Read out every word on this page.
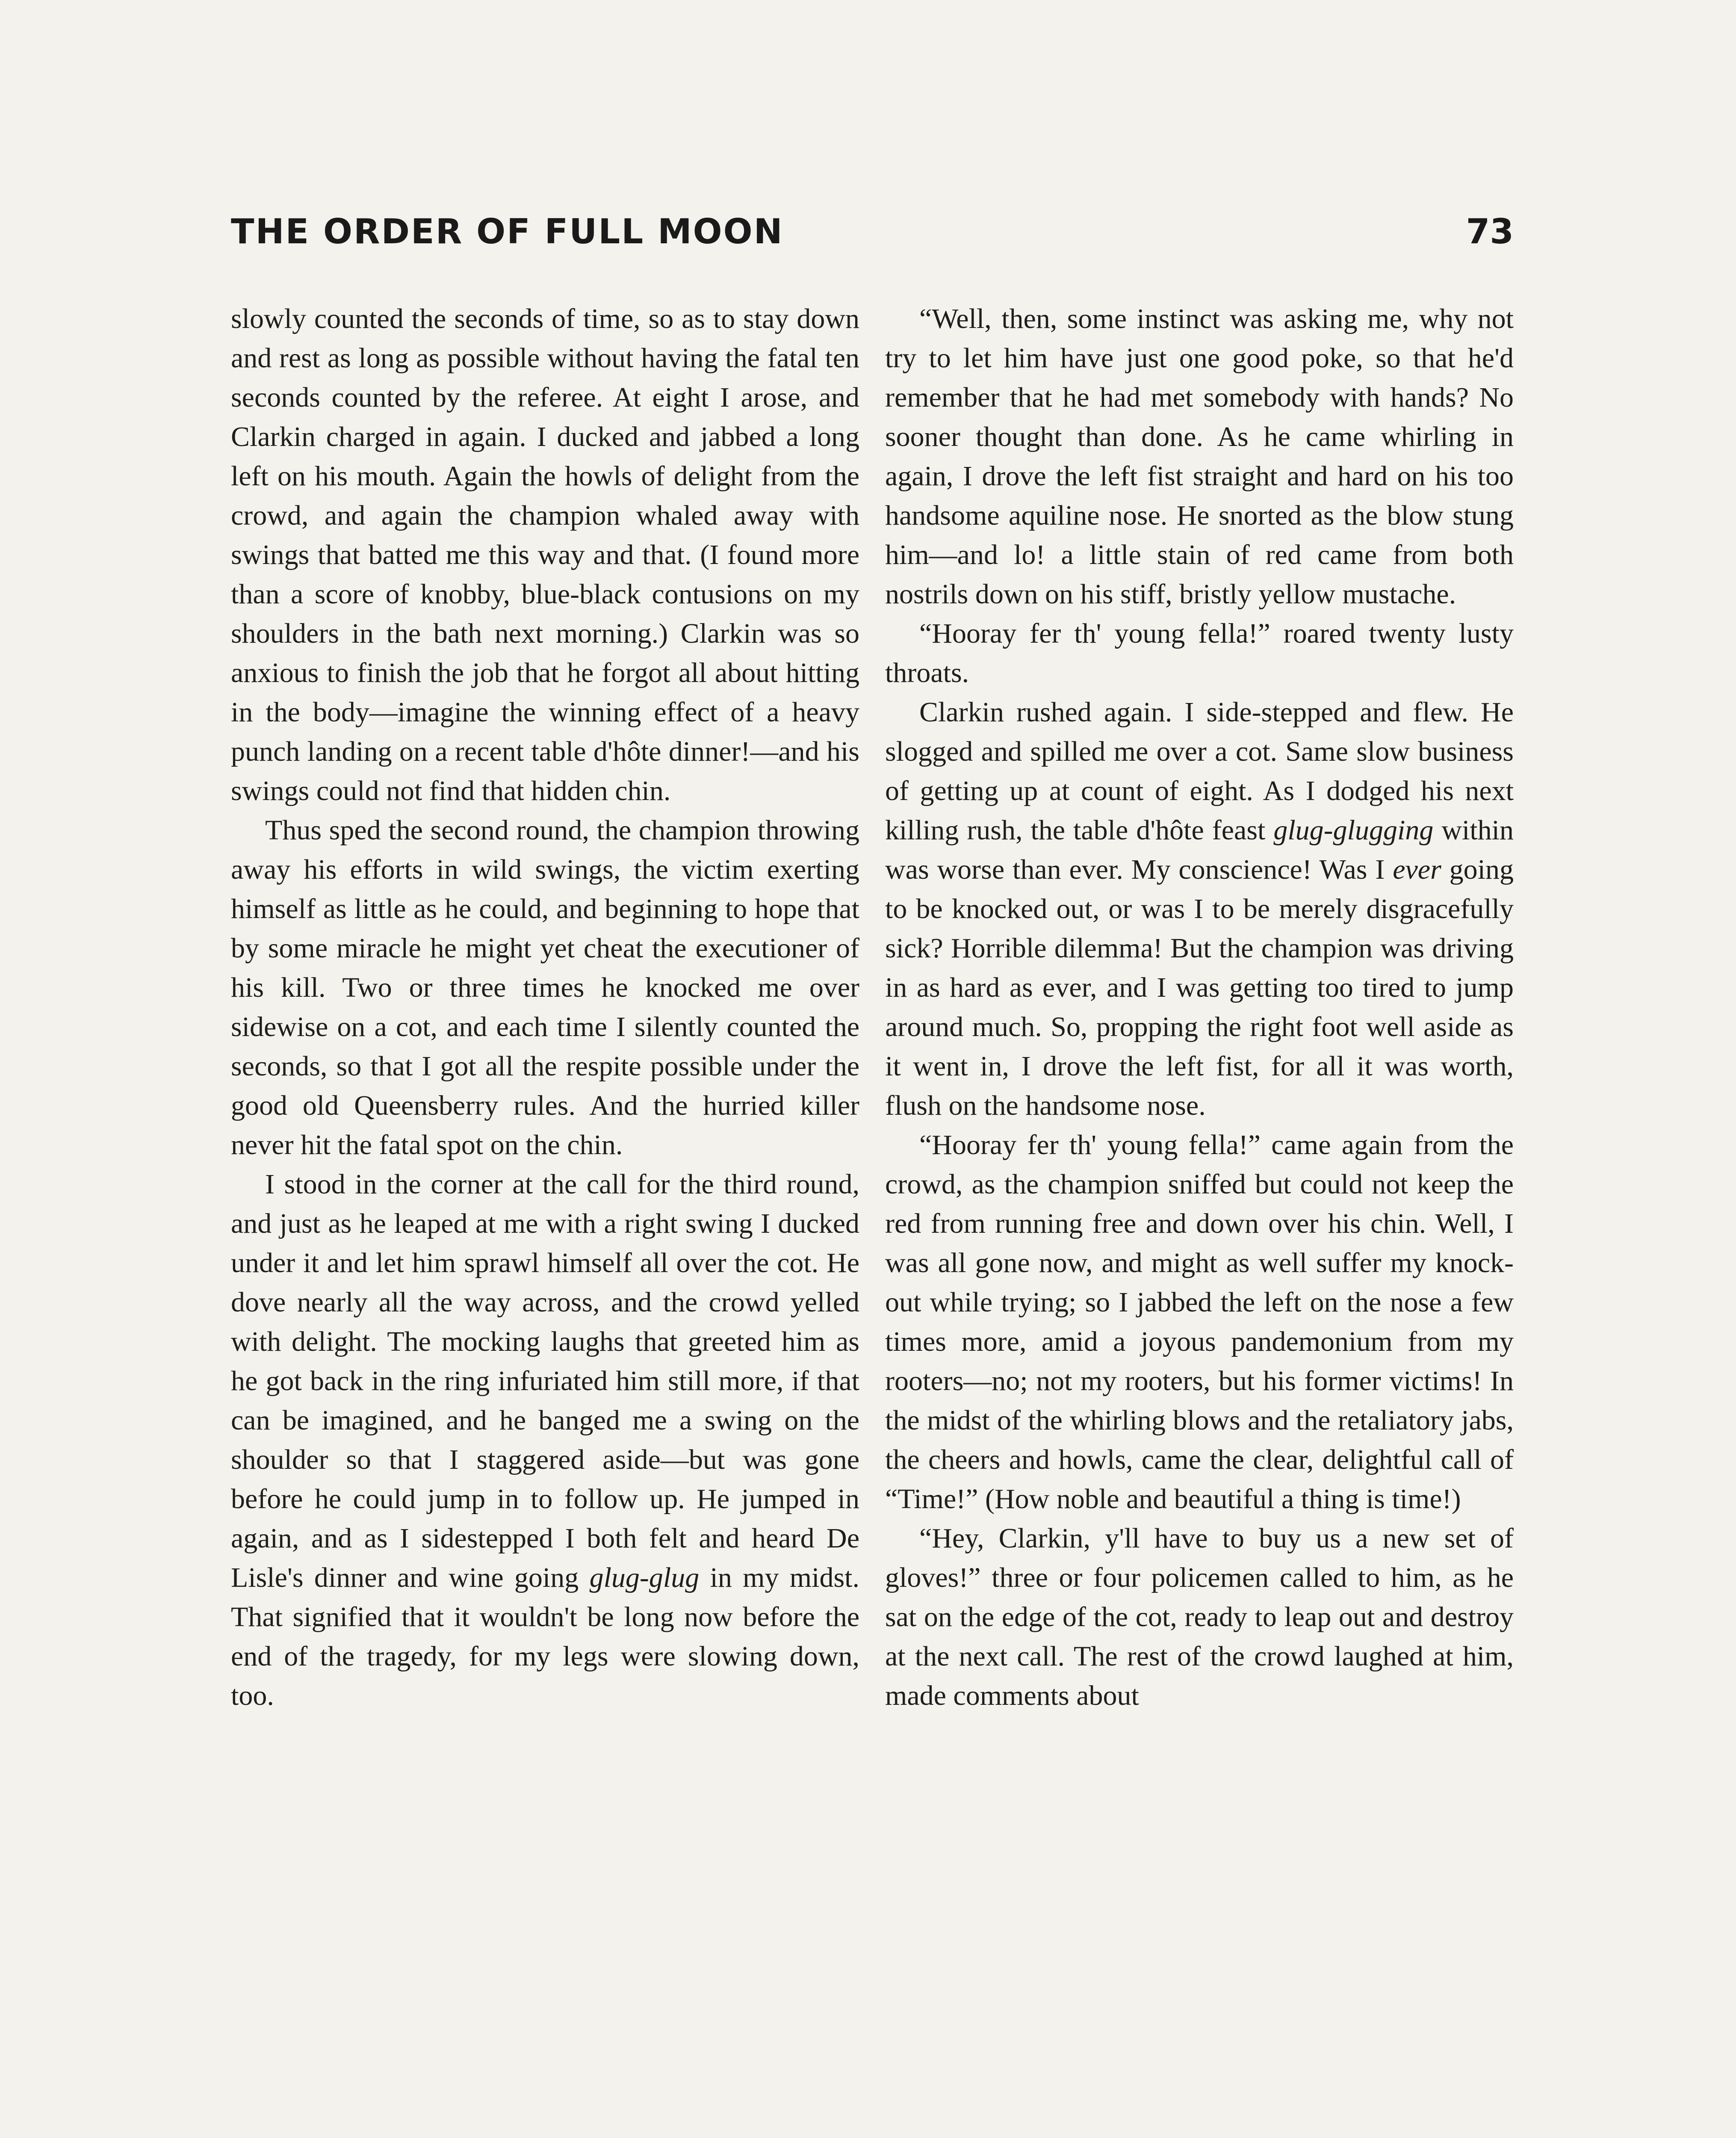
THE ORDER OF FULL MOON	73

slowly counted the seconds of time, so as to stay down and rest as long as possible without having the fatal ten seconds counted by the referee. At eight I arose, and Clarkin charged in again. I ducked and jabbed a long left on his mouth. Again the howls of delight from the crowd, and again the champion whaled away with swings that batted me this way and that. (I found more than a score of knobby, blue-black contusions on my shoulders in the bath next morning.) Clarkin was so anxious to finish the job that he forgot all about hitting in the body—imagine the winning effect of a heavy punch landing on a recent table d'hôte dinner!—and his swings could not find that hidden chin.

Thus sped the second round, the champion throwing away his efforts in wild swings, the victim exerting himself as little as he could, and beginning to hope that by some miracle he might yet cheat the executioner of his kill. Two or three times he knocked me over sidewise on a cot, and each time I silently counted the seconds, so that I got all the respite possible under the good old Queensberry rules. And the hurried killer never hit the fatal spot on the chin.

I stood in the corner at the call for the third round, and just as he leaped at me with a right swing I ducked under it and let him sprawl himself all over the cot. He dove nearly all the way across, and the crowd yelled with delight. The mocking laughs that greeted him as he got back in the ring infuriated him still more, if that can be imagined, and he banged me a swing on the shoulder so that I staggered aside—but was gone before he could jump in to follow up. He jumped in again, and as I sidestepped I both felt and heard De Lisle's dinner and wine going glug-glug in my midst. That signified that it wouldn't be long now before the end of the tragedy, for my legs were slowing down, too.

“Well, then, some instinct was asking me, why not try to let him have just one good poke, so that he'd remember that he had met somebody with hands? No sooner thought than done. As he came whirling in again, I drove the left fist straight and hard on his too handsome aquiline nose. He snorted as the blow stung him—and lo! a little stain of red came from both nostrils down on his stiff, bristly yellow mustache.

“Hooray fer th' young fella!” roared twenty lusty throats.

Clarkin rushed again. I side-stepped and flew. He slogged and spilled me over a cot. Same slow business of getting up at count of eight. As I dodged his next killing rush, the table d'hôte feast glug-glugging within was worse than ever. My conscience! Was I ever going to be knocked out, or was I to be merely disgracefully sick? Horrible dilemma! But the champion was driving in as hard as ever, and I was getting too tired to jump around much. So, propping the right foot well aside as it went in, I drove the left fist, for all it was worth, flush on the handsome nose.

“Hooray fer th' young fella!” came again from the crowd, as the champion sniffed but could not keep the red from running free and down over his chin. Well, I was all gone now, and might as well suffer my knock-out while trying; so I jabbed the left on the nose a few times more, amid a joyous pandemonium from my rooters—no; not my rooters, but his former victims! In the midst of the whirling blows and the retaliatory jabs, the cheers and howls, came the clear, delightful call of “Time!” (How noble and beautiful a thing is time!)

“Hey, Clarkin, y'll have to buy us a new set of gloves!” three or four policemen called to him, as he sat on the edge of the cot, ready to leap out and destroy at the next call. The rest of the crowd laughed at him, made comments about
